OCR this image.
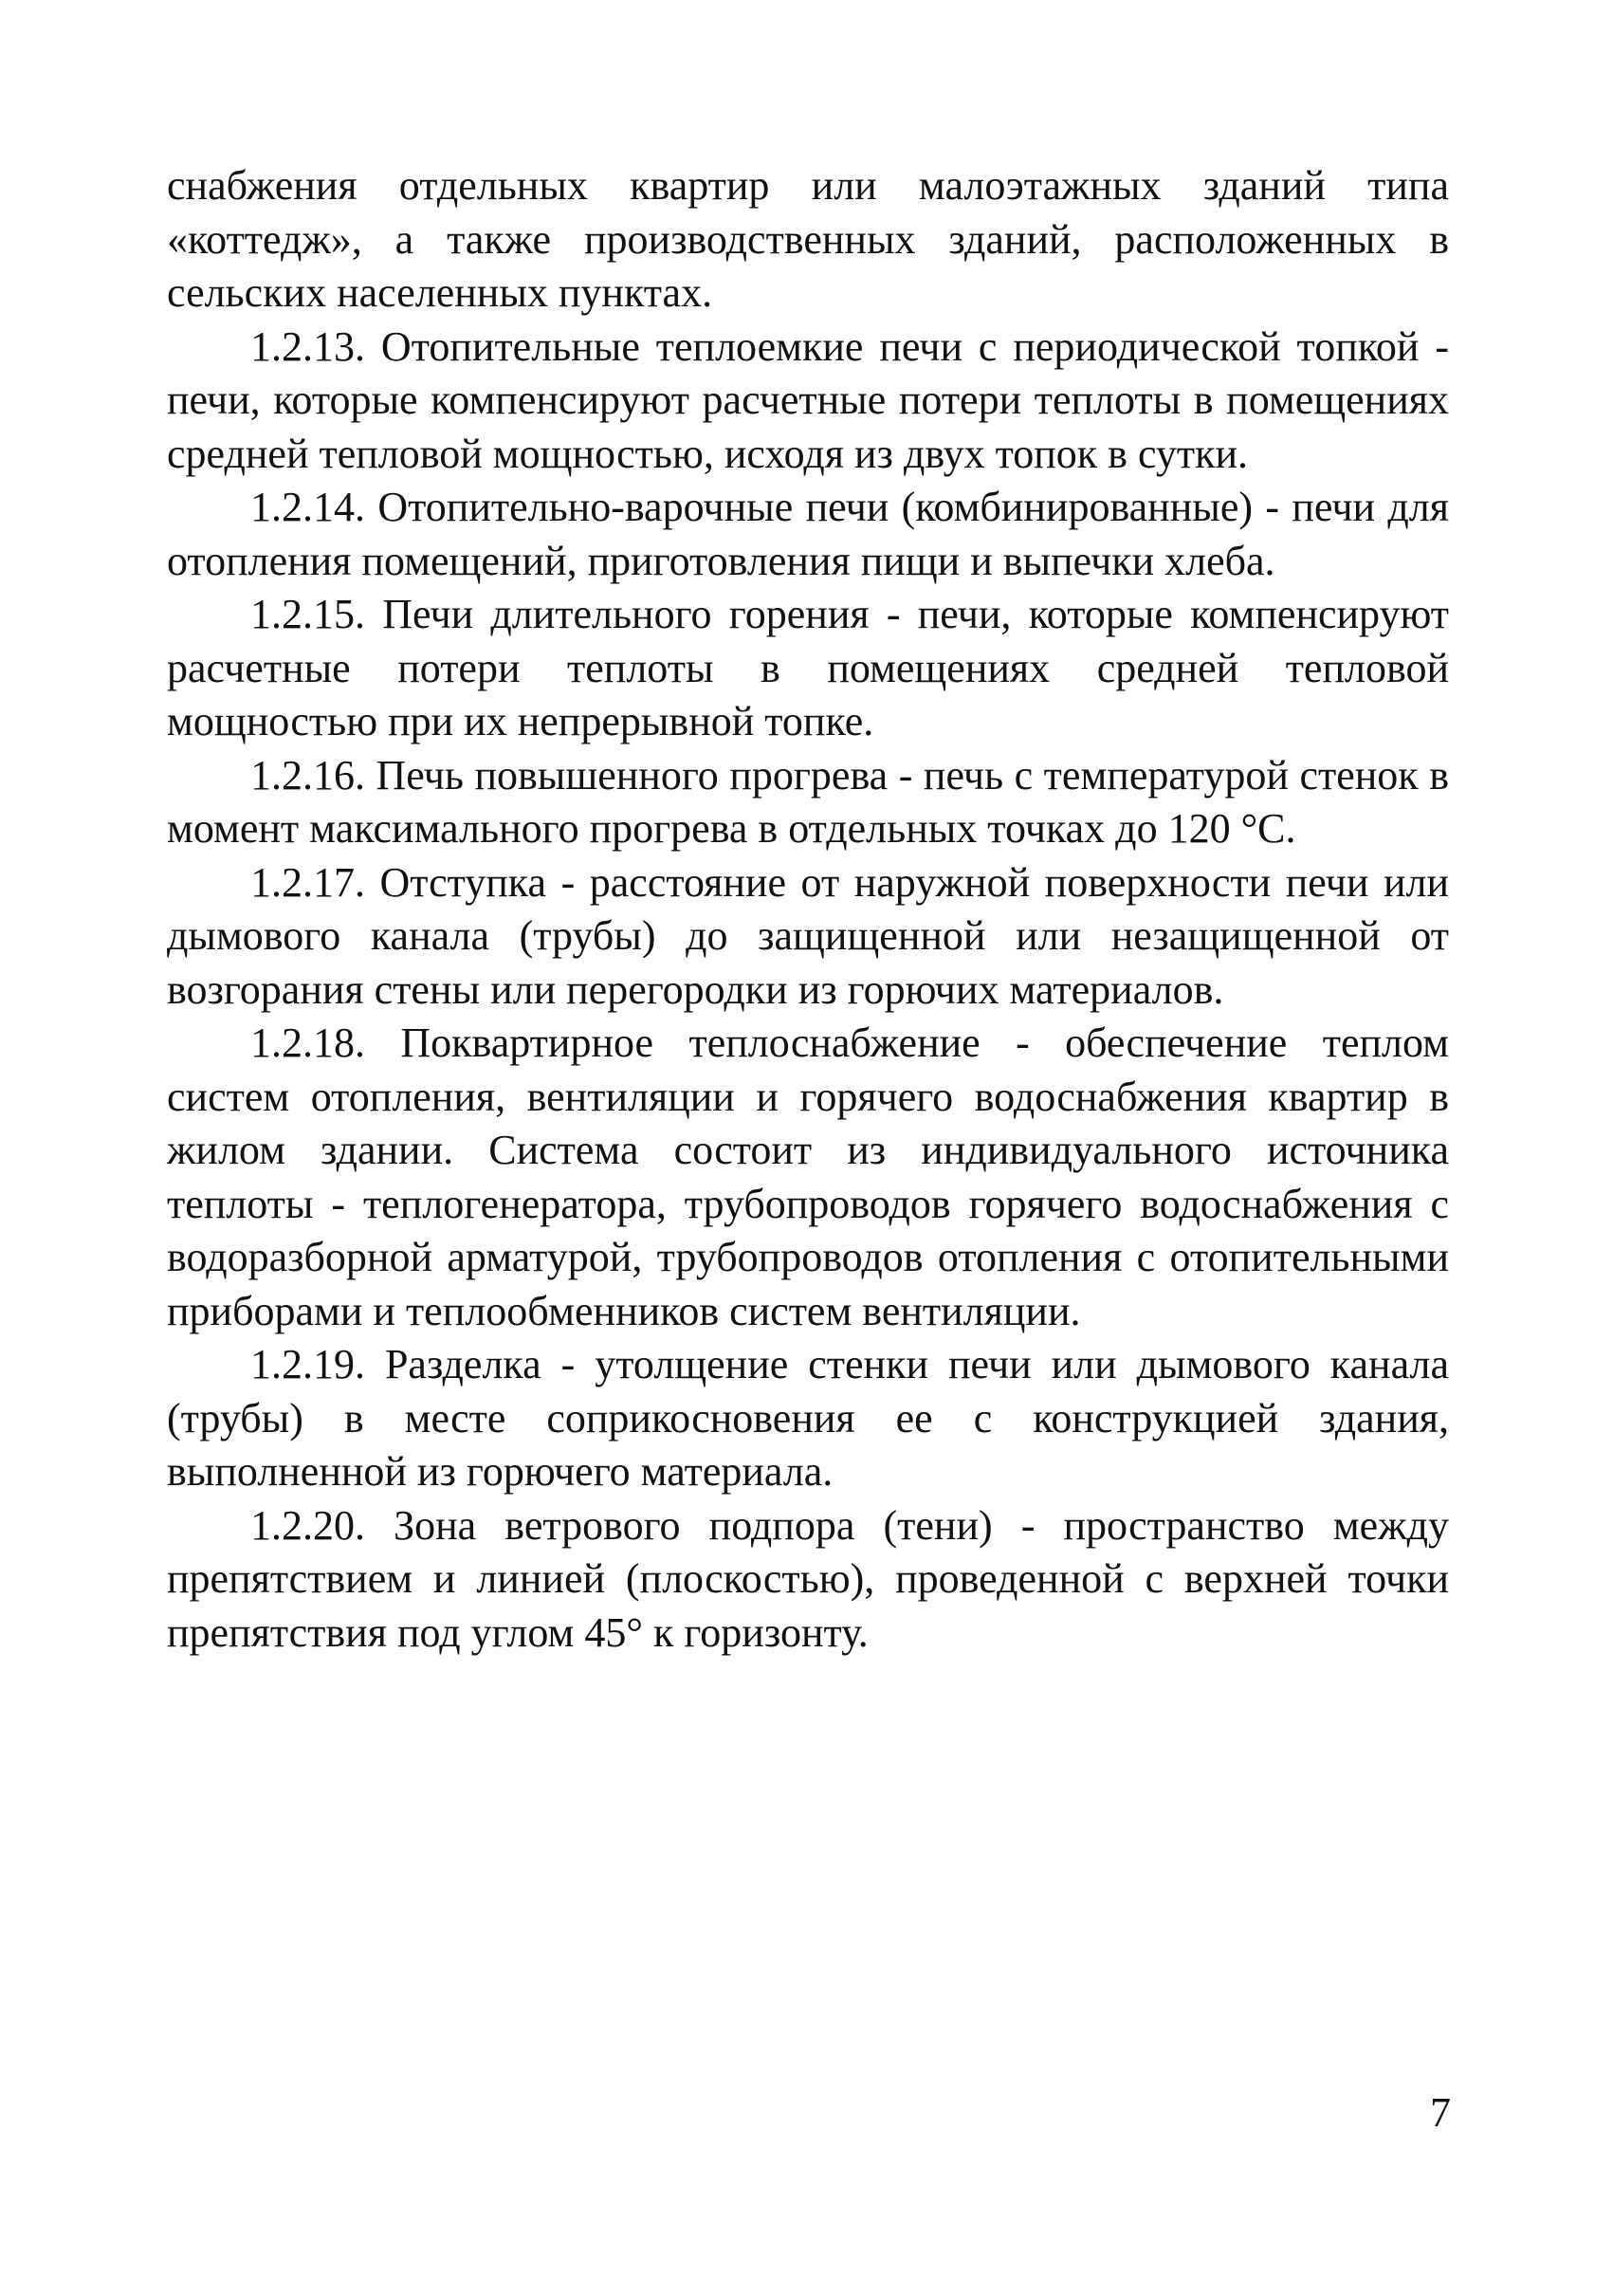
снабжения отдельных квартир или малоэтажных зданий типа «коттедж», а также производственных зданий, расположенных в сельских населенных пунктах.

1.2.13. Отопительные теплоемкие печи с периодической топкой - печи, которые компенсируют расчетные потери теплоты в помещениях средней тепловой мощностью, исходя из двух топок в сутки.

1.2.14. Отопительно-варочные печи (комбинированные) - печи для отопления помещений, приготовления пищи и выпечки хлеба.

1.2.15. Печи длительного горения - печи, которые компенсируют расчетные потери теплоты в помещениях средней тепловой мощностью при их непрерывной топке.

1.2.16. Печь повышенного прогрева - печь с температурой стенок в момент максимального прогрева в отдельных точках до 120 °С.

1.2.17. Отступка - расстояние от наружной поверхности печи или дымового канала (трубы) до защищенной или незащищенной от возгорания стены или перегородки из горючих материалов.

1.2.18. Поквартирное теплоснабжение - обеспечение теплом систем отопления, вентиляции и горячего водоснабжения квартир в жилом здании. Система состоит из индивидуального источника теплоты - теплогенератора, трубопроводов горячего водоснабжения с водоразборной арматурой, трубопроводов отопления с отопительными приборами и теплообменников систем вентиляции.

1.2.19. Разделка - утолщение стенки печи или дымового канала (трубы) в месте соприкосновения ее с конструкцией здания, выполненной из горючего материала.

1.2.20. Зона ветрового подпора (тени) - пространство между препятствием и линией (плоскостью), проведенной с верхней точки препятствия под углом 45° к горизонту.

7
